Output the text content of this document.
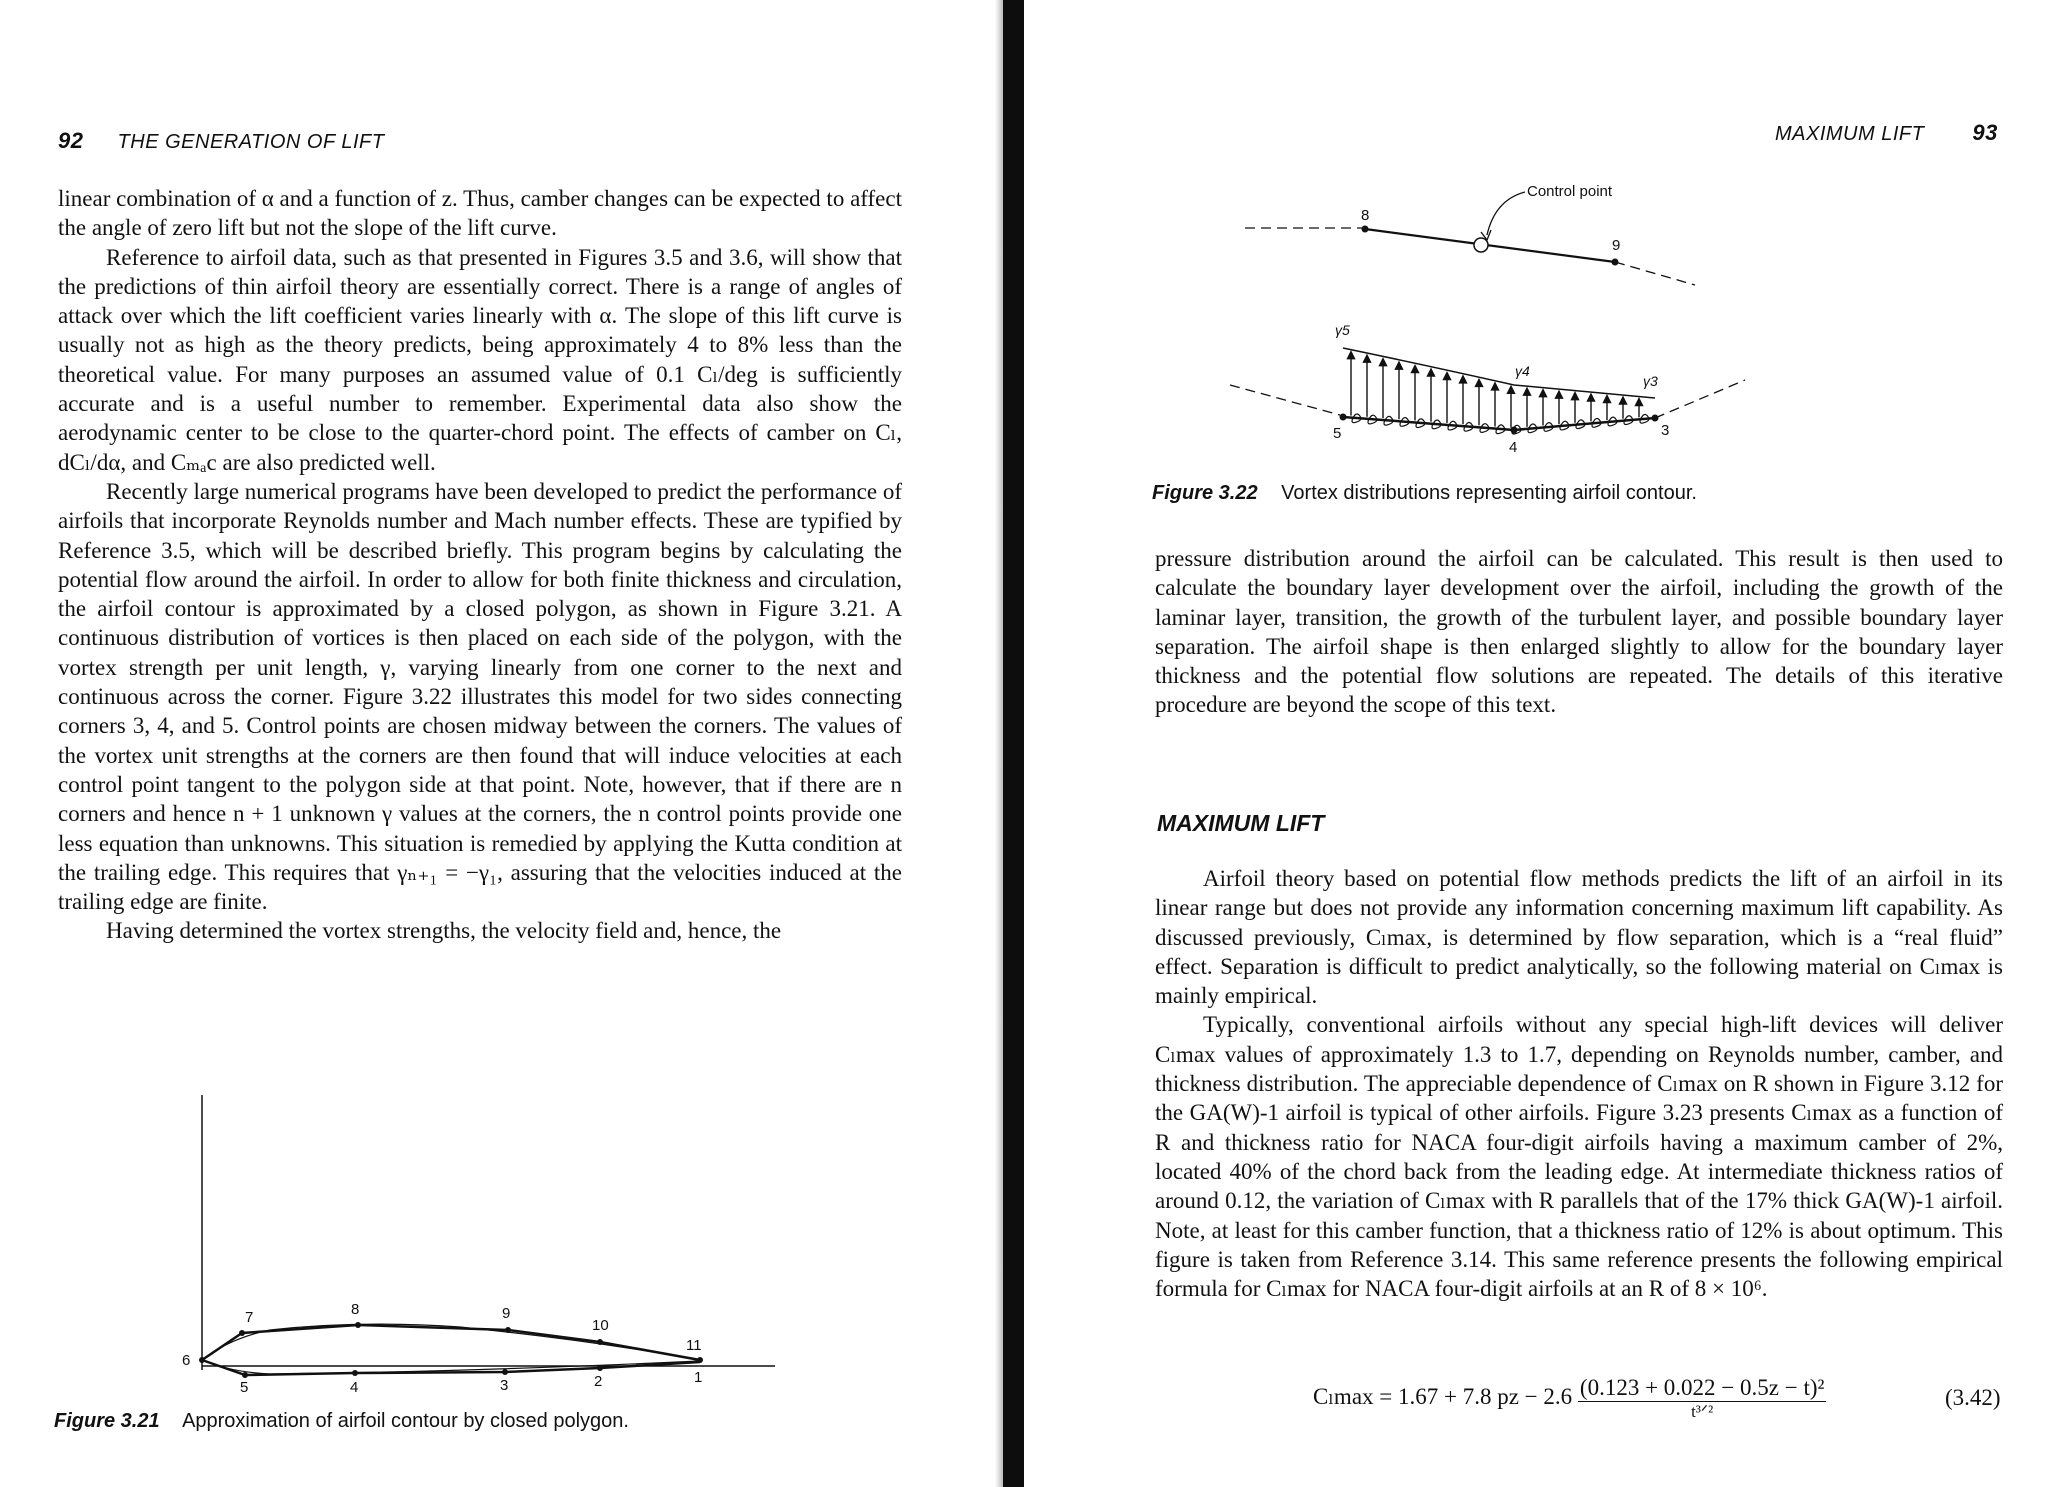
92 THE GENERATION OF LIFT

linear combination of α and a function of z. Thus, camber changes can be expected to affect the angle of zero lift but not the slope of the lift curve.

Reference to airfoil data, such as that presented in Figures 3.5 and 3.6, will show that the predictions of thin airfoil theory are essentially correct. There is a range of angles of attack over which the lift coefficient varies linearly with α. The slope of this lift curve is usually not as high as the theory predicts, being approximately 4 to 8% less than the theoretical value. For many purposes an assumed value of 0.1 Cₗ/deg is sufficiently accurate and is a useful number to remember. Experimental data also show the aerodynamic center to be close to the quarter-chord point. The effects of camber on Cₗ, dCₗ/dα, and Cₘₐc are also predicted well.

Recently large numerical programs have been developed to predict the performance of airfoils that incorporate Reynolds number and Mach number effects. These are typified by Reference 3.5, which will be described briefly. This program begins by calculating the potential flow around the airfoil. In order to allow for both finite thickness and circulation, the airfoil contour is approximated by a closed polygon, as shown in Figure 3.21. A continuous distribution of vortices is then placed on each side of the polygon, with the vortex strength per unit length, γ, varying linearly from one corner to the next and continuous across the corner. Figure 3.22 illustrates this model for two sides connecting corners 3, 4, and 5. Control points are chosen midway between the corners. The values of the vortex unit strengths at the corners are then found that will induce velocities at each control point tangent to the polygon side at that point. Note, however, that if there are n corners and hence n + 1 unknown γ values at the corners, the n control points provide one less equation than unknowns. This situation is remedied by applying the Kutta condition at the trailing edge. This requires that γₙ₊₁ = −γ₁, assuring that the velocities induced at the trailing edge are finite.

Having determined the vortex strengths, the velocity field and, hence, the

6
7	8	9
10
11
5	4	3	2	1
Figure 3.21 Approximation of airfoil contour by closed polygon.
MAXIMUM LIFT 93
Control point
8
9
γ5
γ4
γ3
5
4
3
Figure 3.22 Vortex distributions representing airfoil contour.

pressure distribution around the airfoil can be calculated. This result is then used to calculate the boundary layer development over the airfoil, including the growth of the laminar layer, transition, the growth of the turbulent layer, and possible boundary layer separation. The airfoil shape is then enlarged slightly to allow for the boundary layer thickness and the potential flow solutions are repeated. The details of this iterative procedure are beyond the scope of this text.

MAXIMUM LIFT

Airfoil theory based on potential flow methods predicts the lift of an airfoil in its linear range but does not provide any information concerning maximum lift capability. As discussed previously, Cₗmax, is determined by flow separation, which is a “real fluid” effect. Separation is difficult to predict analytically, so the following material on Cₗmax is mainly empirical.

Typically, conventional airfoils without any special high-lift devices will deliver Cₗmax values of approximately 1.3 to 1.7, depending on Reynolds number, camber, and thickness distribution. The appreciable dependence of Cₗmax on R shown in Figure 3.12 for the GA(W)-1 airfoil is typical of other airfoils. Figure 3.23 presents Cₗmax as a function of R and thickness ratio for NACA four-digit airfoils having a maximum camber of 2%, located 40% of the chord back from the leading edge. At intermediate thickness ratios of around 0.12, the variation of Cₗmax with R parallels that of the 17% thick GA(W)-1 airfoil. Note, at least for this camber function, that a thickness ratio of 12% is about optimum. This figure is taken from Reference 3.14. This same reference presents the following empirical formula for Cₗmax for NACA four-digit airfoils at an R of 8 × 10⁶.

Cₗmax = 1.67 + 7.8 pz − $2.6 \frac{\text{(0.123 + 0.022 − 0.5z − t)²}}{\text{t³ᐟ²}}$	(3.42)
